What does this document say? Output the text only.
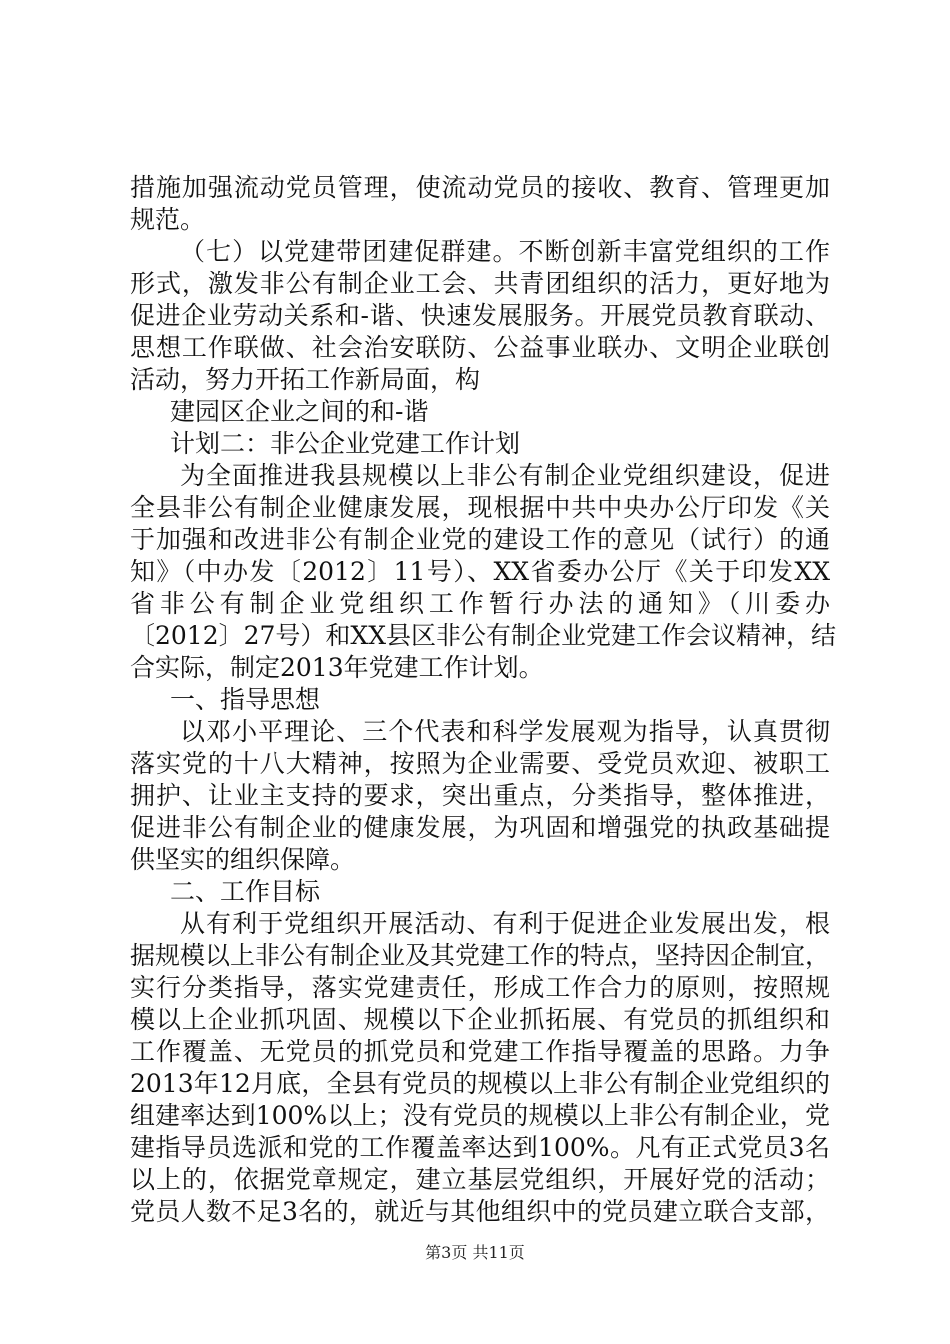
措施加强流动党员管理，使流动党员的接收、教育、管理更加
规范。
（七）以党建带团建促群建。不断创新丰富党组织的工作
形式，激发非公有制企业工会、共青团组织的活力，更好地为
促进企业劳动关系和-谐、快速发展服务。开展党员教育联动、
思想工作联做、社会治安联防、公益事业联办、文明企业联创
活动，努力开拓工作新局面，构
建园区企业之间的和-谐
计划二：非公企业党建工作计划
为全面推进我县规模以上非公有制企业党组织建设，促进
全县非公有制企业健康发展，现根据中共中央办公厅印发《关
于加强和改进非公有制企业党的建设工作的意见（试行）的通
知》（中办发〔2012〕11号）、XX省委办公厅《关于印发XX
省非公有制企业党组织工作暂行办法的通知》（川委办
〔2012〕27号）和XX县区非公有制企业党建工作会议精神，结
合实际，制定2013年党建工作计划。
一、指导思想
以邓小平理论、三个代表和科学发展观为指导，认真贯彻
落实党的十八大精神，按照为企业需要、受党员欢迎、被职工
拥护、让业主支持的要求，突出重点，分类指导，整体推进，
促进非公有制企业的健康发展，为巩固和增强党的执政基础提
供坚实的组织保障。
二、工作目标
从有利于党组织开展活动、有利于促进企业发展出发，根
据规模以上非公有制企业及其党建工作的特点，坚持因企制宜，
实行分类指导，落实党建责任，形成工作合力的原则，按照规
模以上企业抓巩固、规模以下企业抓拓展、有党员的抓组织和
工作覆盖、无党员的抓党员和党建工作指导覆盖的思路。力争
2013年12月底，全县有党员的规模以上非公有制企业党组织的
组建率达到100%以上；没有党员的规模以上非公有制企业，党
建指导员选派和党的工作覆盖率达到100%。凡有正式党员3名
以上的，依据党章规定，建立基层党组织，开展好党的活动；
党员人数不足3名的，就近与其他组织中的党员建立联合支部，
第3页 共11页
